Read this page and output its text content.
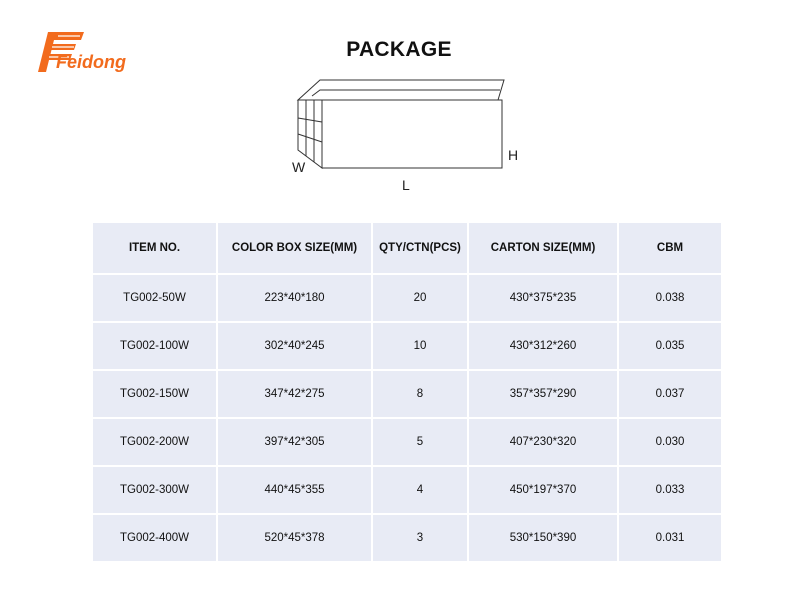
Feidong
PACKAGE
H
W
L
ITEM NO.	COLOR BOX SIZE(MM)	QTY/CTN(PCS)	CARTON SIZE(MM)	CBM
TG002-50W	223*40*180	20	430*375*235	0.038
TG002-100W	302*40*245	10	430*312*260	0.035
TG002-150W	347*42*275	8	357*357*290	0.037
TG002-200W	397*42*305	5	407*230*320	0.030
TG002-300W	440*45*355	4	450*197*370	0.033
TG002-400W	520*45*378	3	530*150*390	0.031
